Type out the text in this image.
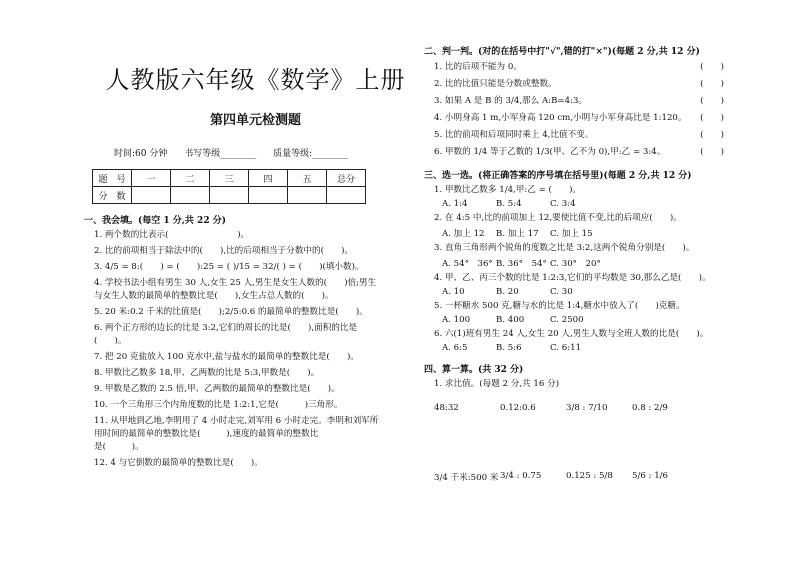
人教版六年级《数学》上册
第四单元检测题
时间:60 分钟 书写等级________ 质量等级:________
题　号	一	二	三	四	五	总分
分　数						
一、我会填。(每空 1 分,共 22 分)
1. 两个数的比表示(　　　　　　　　)。
2. 比的前项相当于除法中的(　　),比的后项相当于分数中的(　　)。
3. 4/5 = 8:(　　) = (　　):25 = ( )/15 = 32/( ) = (　　)(填小数)。
4. 学校书法小组有男生 30 人,女生 25 人,男生是女生人数的(　　)倍;男生
与女生人数的最简单的整数比是(　　),女生占总人数的(　　)。
5. 20 米:0.2 千米的比值是(　　);2/5:0.6 的最简单的整数比是(　　)。
6. 两个正方形的边长的比是 3:2,它们的周长的比是(　　),面积的比是
(　　)。
7. 把 20 克盐放入 100 克水中,盐与盐水的最简单的整数比是(　　)。
8. 甲数比乙数多 18,甲、乙两数的比是 5:3,甲数是(　　)。
9. 甲数是乙数的 2.5 倍,甲、乙两数的最简单的整数比是(　　)。
10. 一个三角形三个内角度数的比是 1:2:1,它是(　　　)三角形。
11. 从甲地到乙地,李明用了 4 小时走完,刘军用 6 小时走完。李明和刘军所
用时间的最简单的整数比是(　　　),速度的最简单的整数比
是(　　　)。
12. 4 与它倒数的最简单的整数比是(　　)。
二、判一判。(对的在括号中打"√",错的打"×")(每题 2 分,共 12 分)
1. 比的后项不能为 0。	(　　)
2. 比的比值只能是分数或整数。	(　　)
3. 如果 A 是 B 的 3/4,那么 A:B=4:3。	(　　)
4. 小明身高 1 m,小军身高 120 cm,小明与小军身高比是 1:120。 (　　)
5. 比的前项和后项同时乘上 4,比值不变。	(　　)
6. 甲数的 1/4 等于乙数的 1/3(甲、乙不为 0),甲:乙 = 3:4。	(　　)
三、选一选。(将正确答案的序号填在括号里)(每题 2 分,共 12 分)
1. 甲数比乙数多 1/4,甲:乙 = (　　)。
A. 1:4	B. 5:4	C. 3:4
2. 在 4:5 中,比的前项加上 12,要使比值不变,比的后项应(　　)。
A. 加上 12	B. 加上 17	C. 加上 15
3. 直角三角形两个锐角的度数之比是 3:2,这两个锐角分别是(　　)。
A. 54°　36° B. 36°　54° C. 30°　20°
4. 甲、乙、丙三个数的比是 1:2:3,它们的平均数是 30,那么乙是(　　)。
A. 10	B. 20	C. 30
5. 一杯糖水 500 克,糖与水的比是 1:4,糖水中放入了(　　)克糖。
A. 100	B. 400	C. 2500
6. 六(1)班有男生 24 人,女生 20 人,男生人数与全班人数的比是(　　)。
A. 6:5	B. 5:6	C. 6:11
四、算一算。(共 32 分)
1. 求比值。(每题 2 分,共 16 分)
48:32	0.12:0.6	3/8 : 7/10	0.8 : 2/9
3/4 千米:500 米 3/4 : 0.75	0.125 : 5/8	5/6 : 1/6
